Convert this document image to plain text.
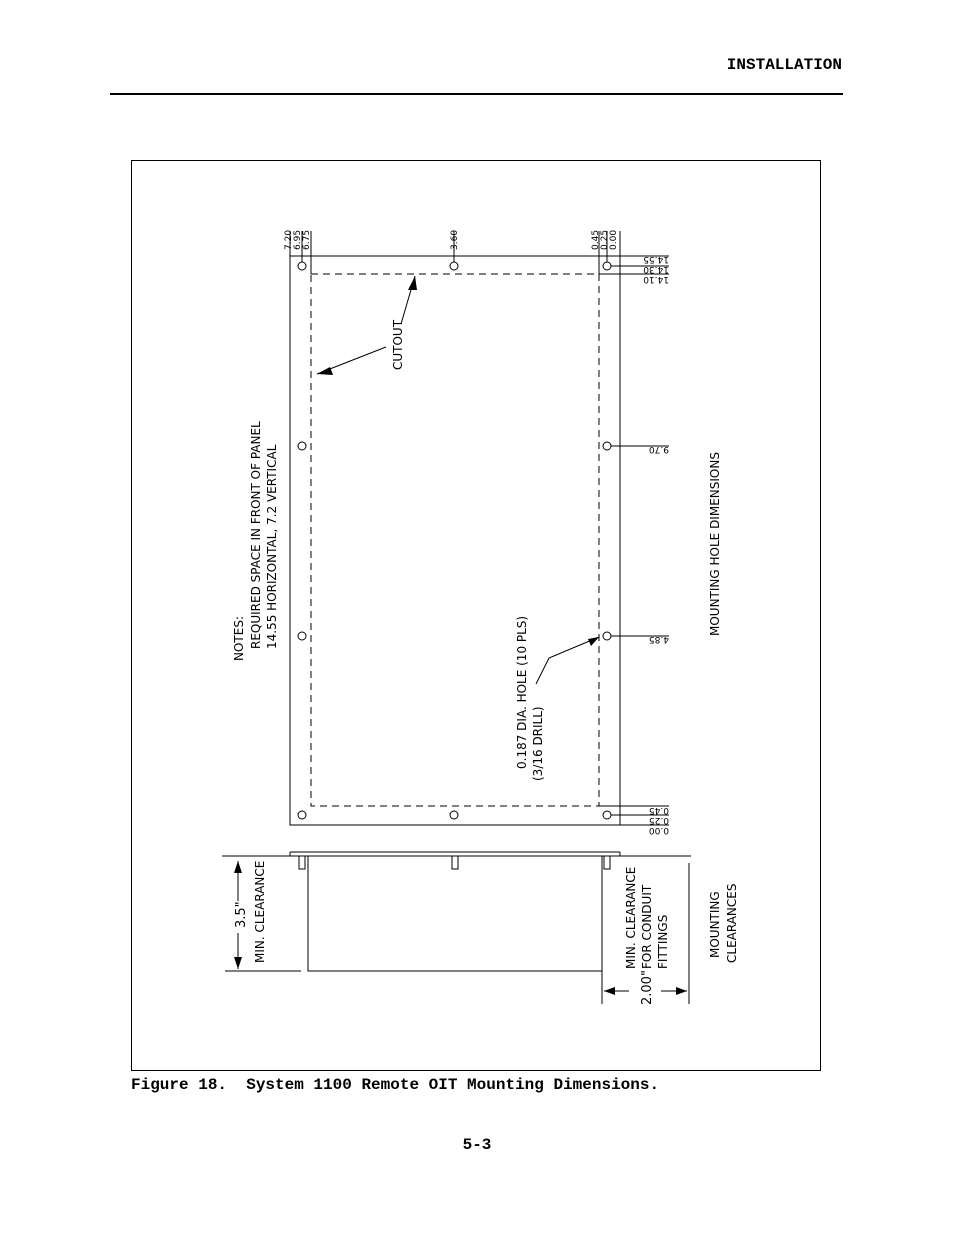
INSTALLATION
7.20 6.95 6.75	3.60	0.45 0.25 0.00
14.55
14.30
14.10
9.70
4.85
0.45
0.25
0.00
NOTES: REQUIRED SPACE IN FRONT OF PANEL 14.55 HORIZONTAL, 7.2 VERTICAL
CUTOUT
0.187 DIA. HOLE (10 PLS) (3/16 DRILL)
MOUNTING HOLE DIMENSIONS
3.5" MIN. CLEARANCE	MIN. CLEARANCE FOR CONDUIT FITTINGS
2.00"
MOUNTING CLEARANCES
Figure 18.  System 1100 Remote OIT Mounting Dimensions.
5-3
